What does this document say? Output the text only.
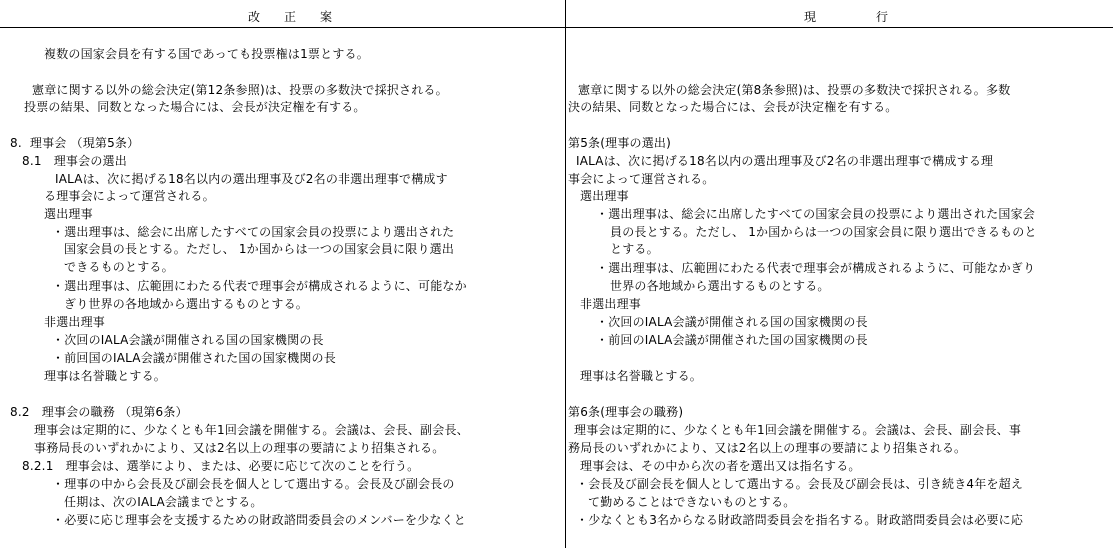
改　　正　　案	現　　　　　行
複数の国家会員を有する国であっても投票権は1票とする。
憲章に関する以外の総会決定(第12条参照)は、投票の多数決で採択される。
投票の結果、同数となった場合には、会長が決定権を有する。
8.  理事会 （現第5条）
8.1   理事会の選出
IALAは、次に掲げる18名以内の選出理事及び2名の非選出理事で構成す
る理事会によって運営される。
選出理事
・選出理事は、総会に出席したすべての国家会員の投票により選出された
国家会員の長とする。ただし、 1か国からは一つの国家会員に限り選出
できるものとする。
・選出理事は、広範囲にわたる代表で理事会が構成されるように、可能なか
ぎり世界の各地域から選出するものとする。
非選出理事
・次回のIALA会議が開催される国の国家機関の長
・前回国のIALA会議が開催された国の国家機関の長
理事は名誉職とする。
8.2   理事会の職務 （現第6条）
理事会は定期的に、少なくとも年1回会議を開催する。会議は、会長、副会長、
事務局長のいずれかにより、又は2名以上の理事の要請により招集される。
8.2.1   理事会は、選挙により、または、必要に応じて次のことを行う。
・理事の中から会長及び副会長を個人として選出する。会長及び副会長の
任期は、次のIALA会議までとする。
・必要に応じ理事会を支援するための財政諮問委員会のメンバーを少なくと
憲章に関する以外の総会決定(第8条参照)は、投票の多数決で採択される。多数
決の結果、同数となった場合には、会長が決定権を有する。
第5条(理事の選出)
IALAは、次に掲げる18名以内の選出理事及び2名の非選出理事で構成する理
事会によって運営される。
選出理事
・選出理事は、総会に出席したすべての国家会員の投票により選出された国家会
員の長とする。ただし、 1か国からは一つの国家会員に限り選出できるものと
とする。
・選出理事は、広範囲にわたる代表で理事会が構成されるように、可能なかぎり
世界の各地域から選出するものとする。
非選出理事
・次回のIALA会議が開催される国の国家機関の長
・前回のIALA会議が開催された国の国家機関の長
理事は名誉職とする。
第6条(理事会の職務)
理事会は定期的に、少なくとも年1回会議を開催する。会議は、会長、副会長、事
務局長のいずれかにより、又は2名以上の理事の要請により招集される。
理事会は、その中から次の者を選出又は指名する。
・会長及び副会長を個人として選出する。会長及び副会長は、引き続き4年を超え
て勤めることはできないものとする。
・少なくとも3名からなる財政諮問委員会を指名する。財政諮問委員会は必要に応
